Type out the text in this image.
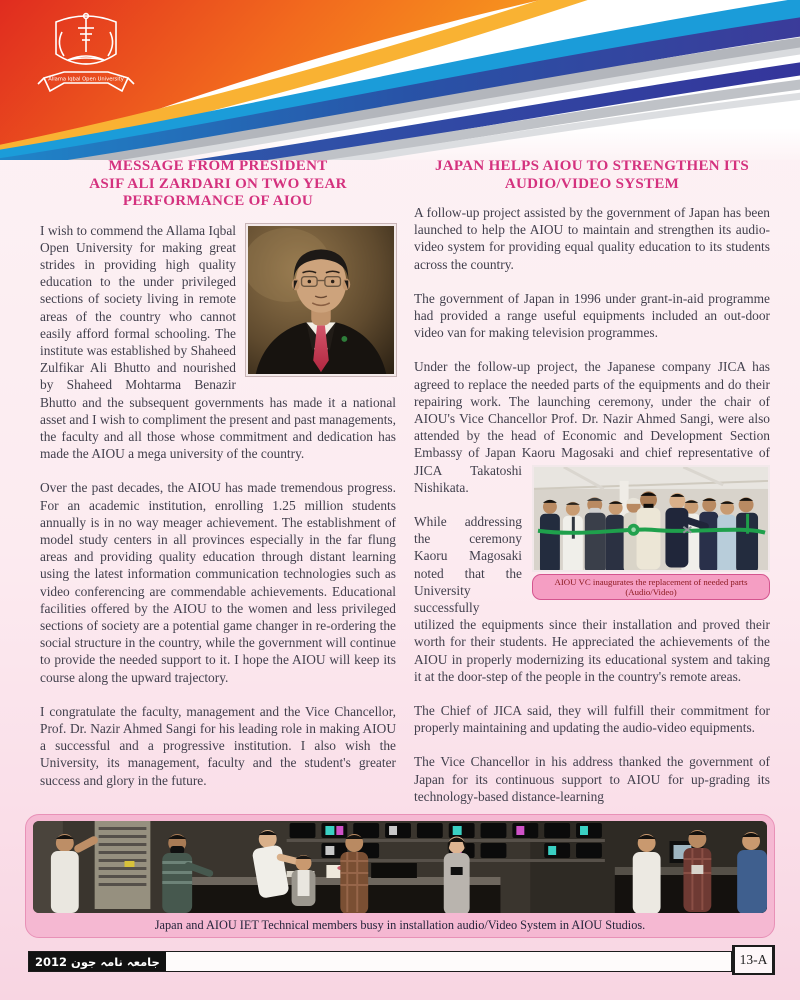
Allama Iqbal Open University
MESSAGE FROM PRESIDENT
ASIF ALI ZARDARI ON TWO YEAR
PERFORMANCE OF AIOU

I wish to commend the Allama Iqbal Open University for making great strides in providing high quality education to the under privileged sections of society living in remote areas of the country who cannot easily afford formal schooling. The institute was established by Shaheed Zulfikar Ali Bhutto and nourished by Shaheed Mohtarma Benazir Bhutto and the subsequent governments has made it a national asset and I wish to compliment the present and past managements, the faculty and all those whose commitment and dedication has made the AIOU a mega university of the country.

Over the past decades, the AIOU has made tremendous progress. For an academic institution, enrolling 1.25 million students annually is in no way meager achievement. The establishment of model study centers in all provinces especially in the far flung areas and providing quality education through distant learning using the latest information communication technologies such as video conferencing are commendable achievements. Educational facilities offered by the AIOU to the women and less privileged sections of society are a potential game changer in re-ordering the social structure in the country, while the government will continue to provide the needed support to it. I hope the AIOU will keep its course along the upward trajectory.

I congratulate the faculty, management and the Vice Chancellor, Prof. Dr. Nazir Ahmed Sangi for his leading role in making AIOU a successful and a progressive institution. I also wish the University, its management, faculty and the student's greater success and glory in the future.

JAPAN HELPS AIOU TO STRENGTHEN ITS
AUDIO/VIDEO SYSTEM

A follow-up project assisted by the government of Japan has been launched to help the AIOU to maintain and strengthen its audio-video system for providing equal quality education to its students across the country.

The government of Japan in 1996 under grant-in-aid programme had provided a range useful equipments included an out-door video van for making television programmes.

Under the follow-up project, the Japanese company JICA has agreed to replace the needed parts of the equipments and do their repairing work. The launching ceremony, under the chair of AIOU's Vice Chancellor Prof. Dr. Nazir Ahmed Sangi, were also attended by the head of Economic and Development Section Embassy of Japan Kaoru
AIOU VC inaugurates the replacement of needed parts (Audio/Video)
Magosaki and chief representative of JICA Takatoshi Nishikata.

While addressing the ceremony Kaoru Magosaki noted that the University successfully utilized the equipments since their installation and proved their worth for their students. He appreciated the achievements of the AIOU in properly modernizing its educational system and taking it at the door-step of the people in the country's remote areas.

The Chief of JICA said, they will fulfill their commitment for properly maintaining and updating the audio-video equipments.

The Vice Chancellor in his address thanked the government of Japan for its continuous support to AIOU for up-grading its technology-based distance-learning

Japan and AIOU IET Technical members busy in installation audio/Video System in AIOU Studios.
جامعہ نامہ جون 2012	13-A
